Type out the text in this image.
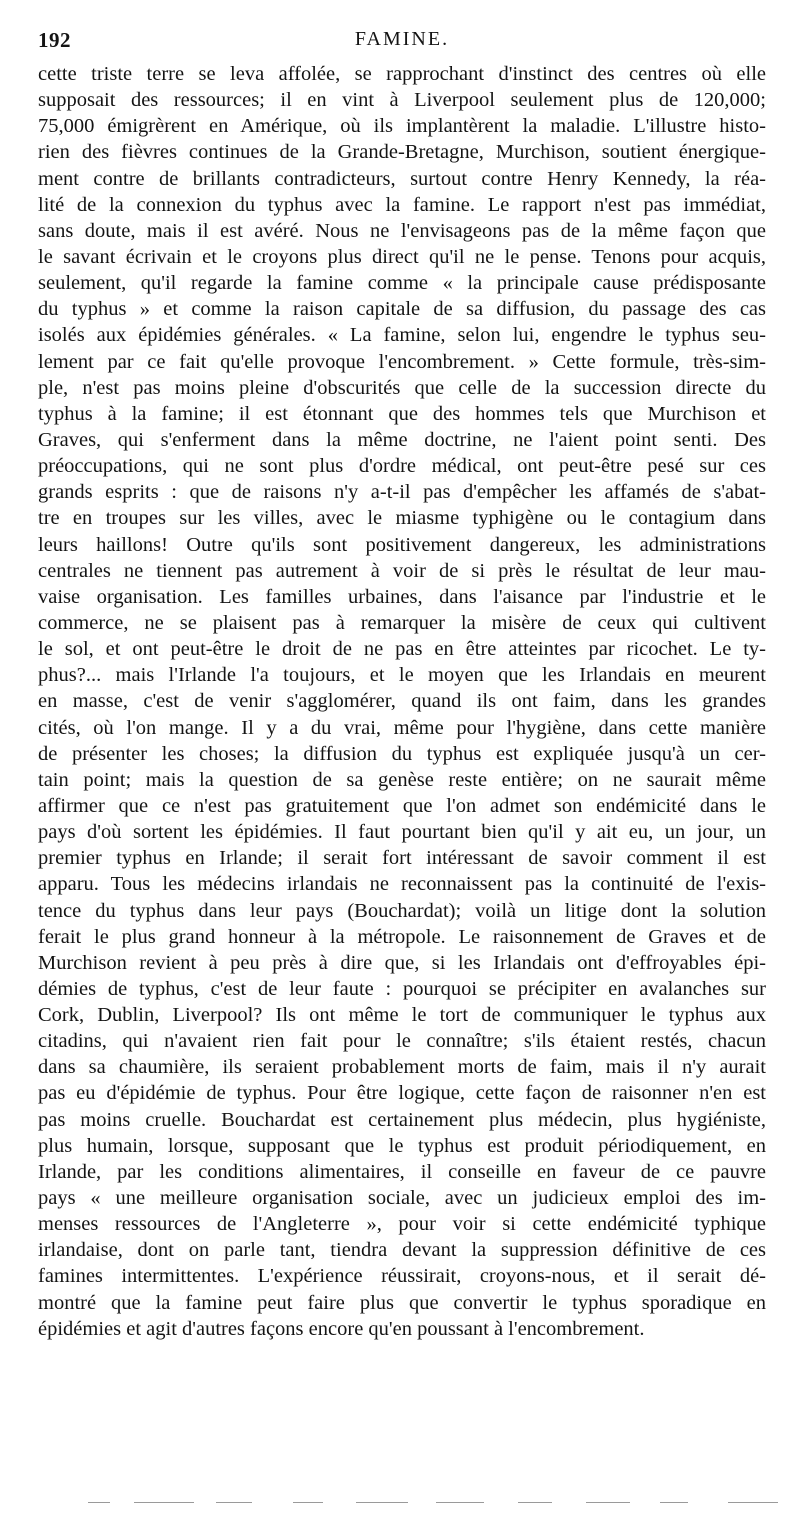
192	FAMINE.
cette triste terre se leva affolée, se rapprochant d'instinct des centres où elle
supposait des ressources; il en vint à Liverpool seulement plus de 120,000;
75,000 émigrèrent en Amérique, où ils implantèrent la maladie. L'illustre histo-
rien des fièvres continues de la Grande-Bretagne, Murchison, soutient énergique-
ment contre de brillants contradicteurs, surtout contre Henry Kennedy, la réa-
lité de la connexion du typhus avec la famine. Le rapport n'est pas immédiat,
sans doute, mais il est avéré. Nous ne l'envisageons pas de la même façon que
le savant écrivain et le croyons plus direct qu'il ne le pense. Tenons pour acquis,
seulement, qu'il regarde la famine comme « la principale cause prédisposante
du typhus » et comme la raison capitale de sa diffusion, du passage des cas
isolés aux épidémies générales. « La famine, selon lui, engendre le typhus seu-
lement par ce fait qu'elle provoque l'encombrement. » Cette formule, très-sim-
ple, n'est pas moins pleine d'obscurités que celle de la succession directe du
typhus à la famine; il est étonnant que des hommes tels que Murchison et
Graves, qui s'enferment dans la même doctrine, ne l'aient point senti. Des
préoccupations, qui ne sont plus d'ordre médical, ont peut-être pesé sur ces
grands esprits : que de raisons n'y a-t-il pas d'empêcher les affamés de s'abat-
tre en troupes sur les villes, avec le miasme typhigène ou le contagium dans
leurs haillons! Outre qu'ils sont positivement dangereux, les administrations
centrales ne tiennent pas autrement à voir de si près le résultat de leur mau-
vaise organisation. Les familles urbaines, dans l'aisance par l'industrie et le
commerce, ne se plaisent pas à remarquer la misère de ceux qui cultivent
le sol, et ont peut-être le droit de ne pas en être atteintes par ricochet. Le ty-
phus?... mais l'Irlande l'a toujours, et le moyen que les Irlandais en meurent
en masse, c'est de venir s'agglomérer, quand ils ont faim, dans les grandes
cités, où l'on mange. Il y a du vrai, même pour l'hygiène, dans cette manière
de présenter les choses; la diffusion du typhus est expliquée jusqu'à un cer-
tain point; mais la question de sa genèse reste entière; on ne saurait même
affirmer que ce n'est pas gratuitement que l'on admet son endémicité dans le
pays d'où sortent les épidémies. Il faut pourtant bien qu'il y ait eu, un jour, un
premier typhus en Irlande; il serait fort intéressant de savoir comment il est
apparu. Tous les médecins irlandais ne reconnaissent pas la continuité de l'exis-
tence du typhus dans leur pays (Bouchardat); voilà un litige dont la solution
ferait le plus grand honneur à la métropole. Le raisonnement de Graves et de
Murchison revient à peu près à dire que, si les Irlandais ont d'effroyables épi-
démies de typhus, c'est de leur faute : pourquoi se précipiter en avalanches sur
Cork, Dublin, Liverpool? Ils ont même le tort de communiquer le typhus aux
citadins, qui n'avaient rien fait pour le connaître; s'ils étaient restés, chacun
dans sa chaumière, ils seraient probablement morts de faim, mais il n'y aurait
pas eu d'épidémie de typhus. Pour être logique, cette façon de raisonner n'en est
pas moins cruelle. Bouchardat est certainement plus médecin, plus hygiéniste,
plus humain, lorsque, supposant que le typhus est produit périodiquement, en
Irlande, par les conditions alimentaires, il conseille en faveur de ce pauvre
pays « une meilleure organisation sociale, avec un judicieux emploi des im-
menses ressources de l'Angleterre », pour voir si cette endémicité typhique
irlandaise, dont on parle tant, tiendra devant la suppression définitive de ces
famines intermittentes. L'expérience réussirait, croyons-nous, et il serait dé-
montré que la famine peut faire plus que convertir le typhus sporadique en
épidémies et agit d'autres façons encore qu'en poussant à l'encombrement.
